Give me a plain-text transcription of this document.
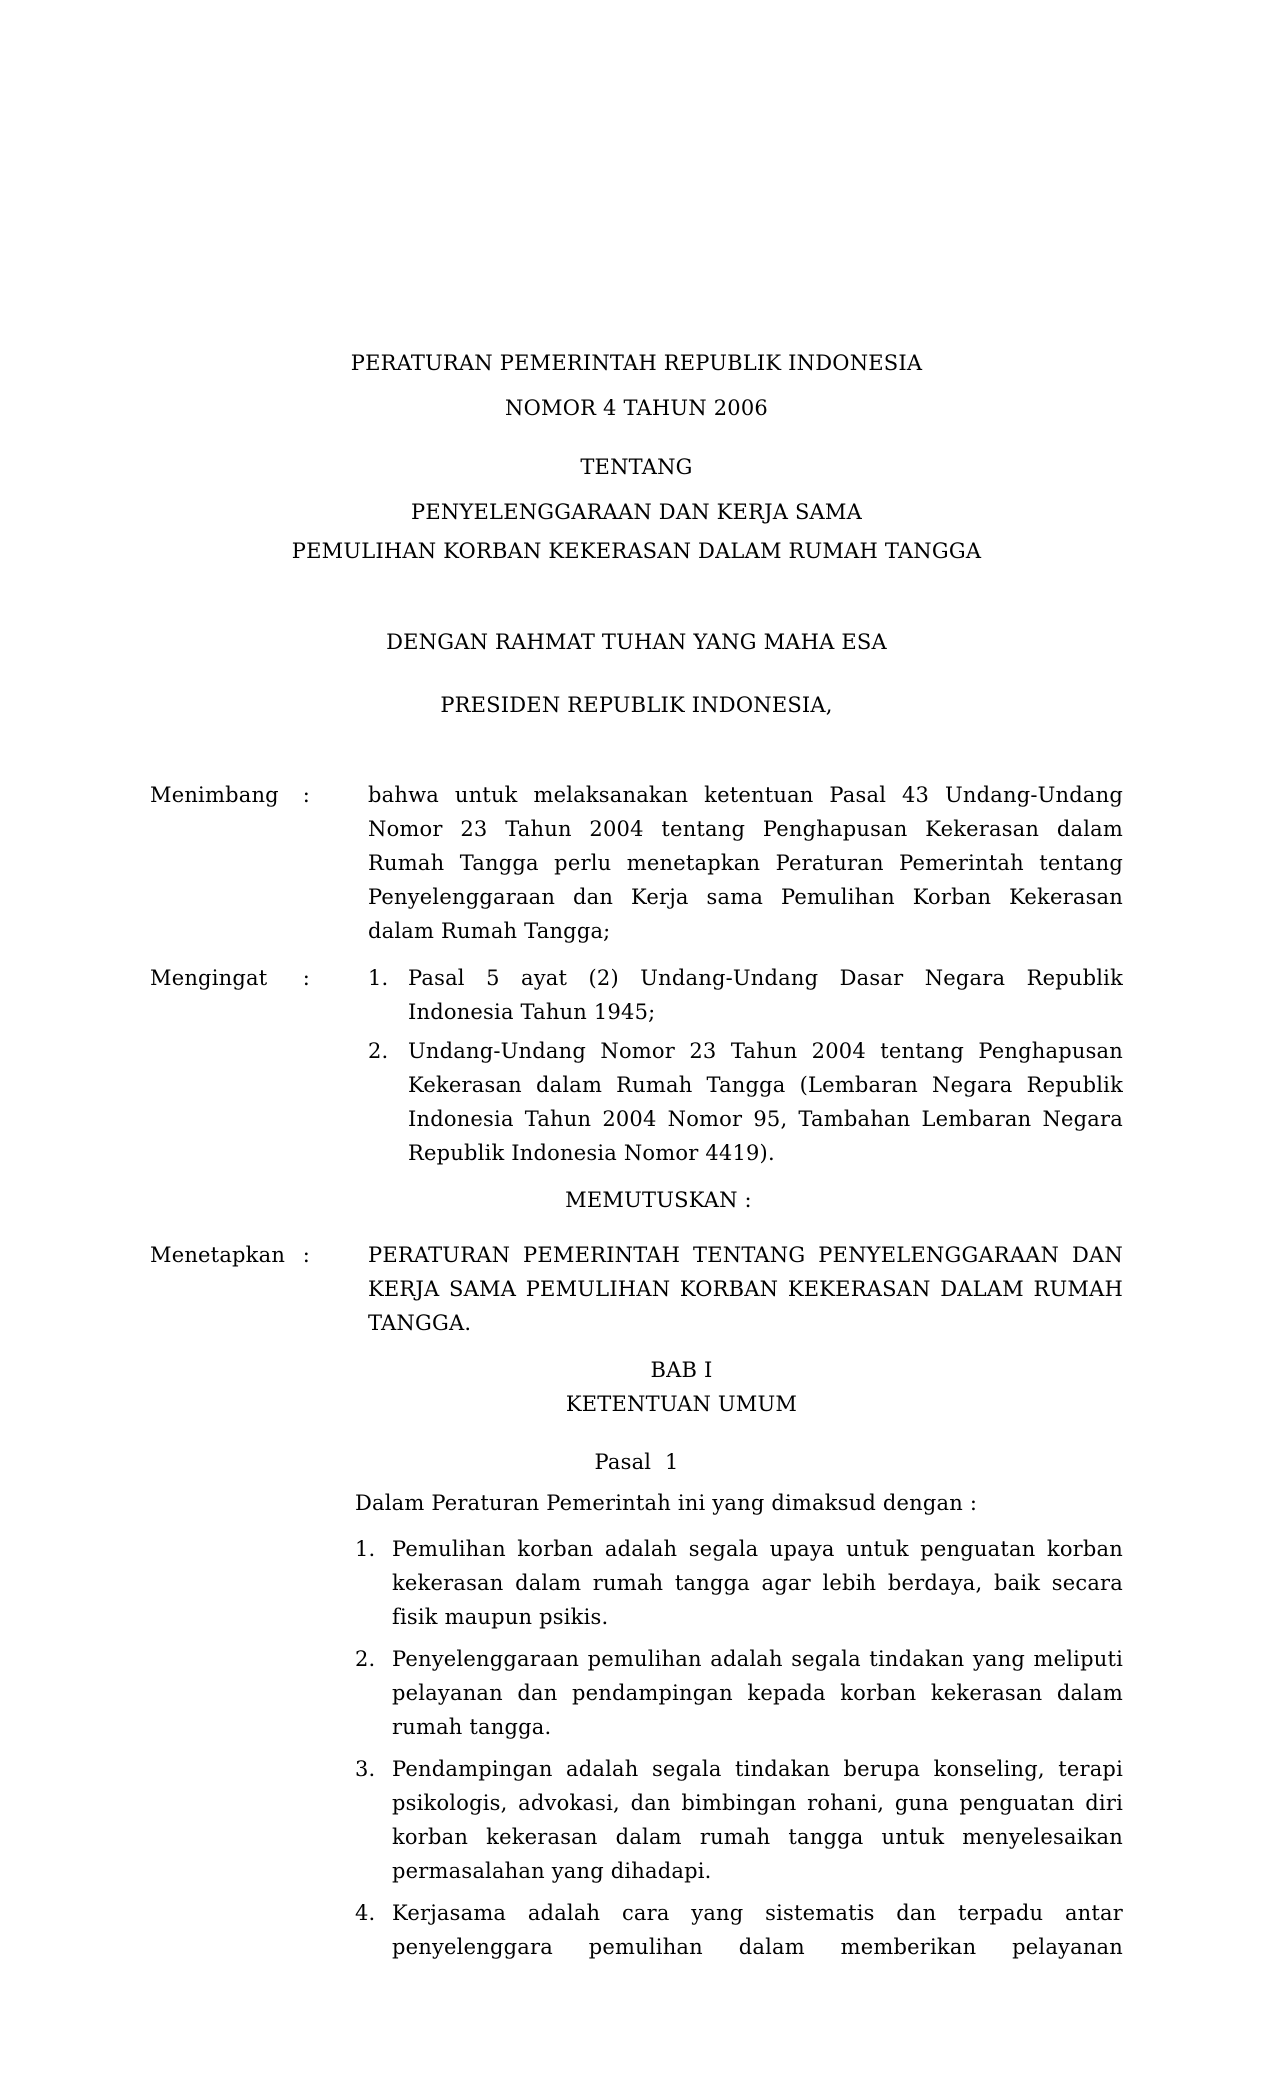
PERATURAN PEMERINTAH REPUBLIK INDONESIA

NOMOR 4 TAHUN 2006

TENTANG

PENYELENGGARAAN DAN KERJA SAMA

PEMULIHAN KORBAN KEKERASAN DALAM RUMAH TANGGA

DENGAN RAHMAT TUHAN YANG MAHA ESA

PRESIDEN REPUBLIK INDONESIA,

Menimbang :	bahwa untuk melaksanakan ketentuan Pasal 43 Undang-Undang Nomor 23 Tahun 2004 tentang Penghapusan Kekerasan dalam Rumah Tangga perlu menetapkan Peraturan Pemerintah tentang Penyelenggaraan dan Kerja sama Pemulihan Korban Kekerasan dalam Rumah Tangga;
Mengingat :	1. Pasal 5 ayat (2) Undang-Undang Dasar Negara Republik Indonesia Tahun 1945;
2. Undang-Undang Nomor 23 Tahun 2004 tentang Penghapusan Kekerasan dalam Rumah Tangga (Lembaran Negara Republik Indonesia Tahun 2004 Nomor 95, Tambahan Lembaran Negara Republik Indonesia Nomor 4419).

MEMUTUSKAN :

Menetapkan :	PERATURAN PEMERINTAH TENTANG PENYELENGGARAAN DAN KERJA SAMA PEMULIHAN KORBAN KEKERASAN DALAM RUMAH TANGGA.

BAB I

KETENTUAN UMUM

Pasal  1

Dalam Peraturan Pemerintah ini yang dimaksud dengan :

1. Pemulihan korban adalah segala upaya untuk penguatan korban kekerasan dalam rumah tangga agar lebih berdaya, baik secara fisik maupun psikis.
2. Penyelenggaraan pemulihan adalah segala tindakan yang meliputi pelayanan dan pendampingan kepada korban kekerasan dalam rumah tangga.
3. Pendampingan adalah segala tindakan berupa konseling, terapi psikologis, advokasi, dan bimbingan rohani, guna penguatan diri korban kekerasan dalam rumah tangga untuk menyelesaikan permasalahan yang dihadapi.
4. Kerjasama adalah cara yang sistematis dan terpadu antar penyelenggara pemulihan dalam memberikan pelayanan
